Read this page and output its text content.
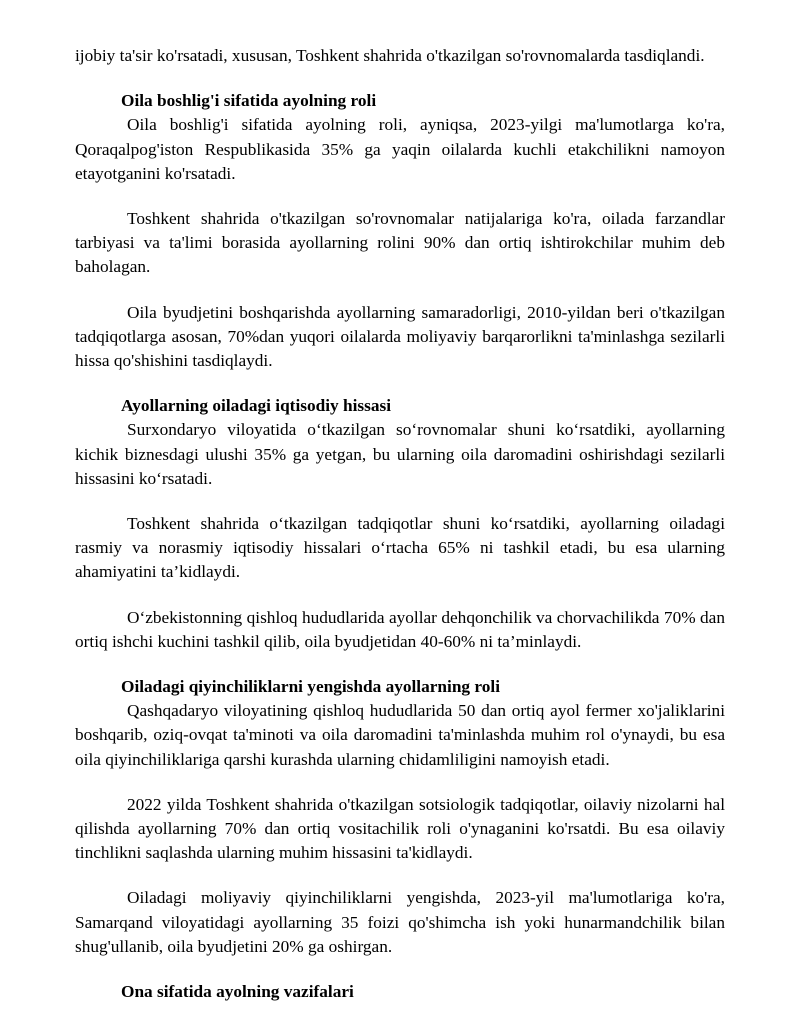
ijobiy ta'sir ko'rsatadi, xususan, Toshkent shahrida o'tkazilgan so'rovnomalarda tasdiqlandi.

Oila boshlig'i sifatida ayolning roli

Oila boshlig'i sifatida ayolning roli, ayniqsa, 2023-yilgi ma'lumotlarga ko'ra, Qoraqalpog'iston Respublikasida 35% ga yaqin oilalarda kuchli etakchilikni namoyon etayotganini ko'rsatadi.

Toshkent shahrida o'tkazilgan so'rovnomalar natijalariga ko'ra, oilada farzandlar tarbiyasi va ta'limi borasida ayollarning rolini 90% dan ortiq ishtirokchilar muhim deb baholagan.

Oila byudjetini boshqarishda ayollarning samaradorligi, 2010-yildan beri o'tkazilgan tadqiqotlarga asosan, 70%dan yuqori oilalarda moliyaviy barqarorlikni ta'minlashga sezilarli hissa qo'shishini tasdiqlaydi.

Ayollarning oiladagi iqtisodiy hissasi

Surxondaryo viloyatida o‘tkazilgan so‘rovnomalar shuni ko‘rsatdiki, ayollarning kichik biznesdagi ulushi 35% ga yetgan, bu ularning oila daromadini oshirishdagi sezilarli hissasini ko‘rsatadi.

Toshkent shahrida o‘tkazilgan tadqiqotlar shuni ko‘rsatdiki, ayollarning oiladagi rasmiy va norasmiy iqtisodiy hissalari o‘rtacha 65% ni tashkil etadi, bu esa ularning ahamiyatini ta’kidlaydi.

O‘zbekistonning qishloq hududlarida ayollar dehqonchilik va chorvachilikda 70% dan ortiq ishchi kuchini tashkil qilib, oila byudjetidan 40-60% ni ta’minlaydi.

Oiladagi qiyinchiliklarni yengishda ayollarning roli

Qashqadaryo viloyatining qishloq hududlarida 50 dan ortiq ayol fermer xo'jaliklarini boshqarib, oziq-ovqat ta'minoti va oila daromadini ta'minlashda muhim rol o'ynaydi, bu esa oila qiyinchiliklariga qarshi kurashda ularning chidamliligini namoyish etadi.

2022 yilda Toshkent shahrida o'tkazilgan sotsiologik tadqiqotlar, oilaviy nizolarni hal qilishda ayollarning 70% dan ortiq vositachilik roli o'ynaganini ko'rsatdi. Bu esa oilaviy tinchlikni saqlashda ularning muhim hissasini ta'kidlaydi.

Oiladagi moliyaviy qiyinchiliklarni yengishda, 2023-yil ma'lumotlariga ko'ra, Samarqand viloyatidagi ayollarning 35 foizi qo'shimcha ish yoki hunarmandchilik bilan shug'ullanib, oila byudjetini 20% ga oshirgan.

Ona sifatida ayolning vazifalari
